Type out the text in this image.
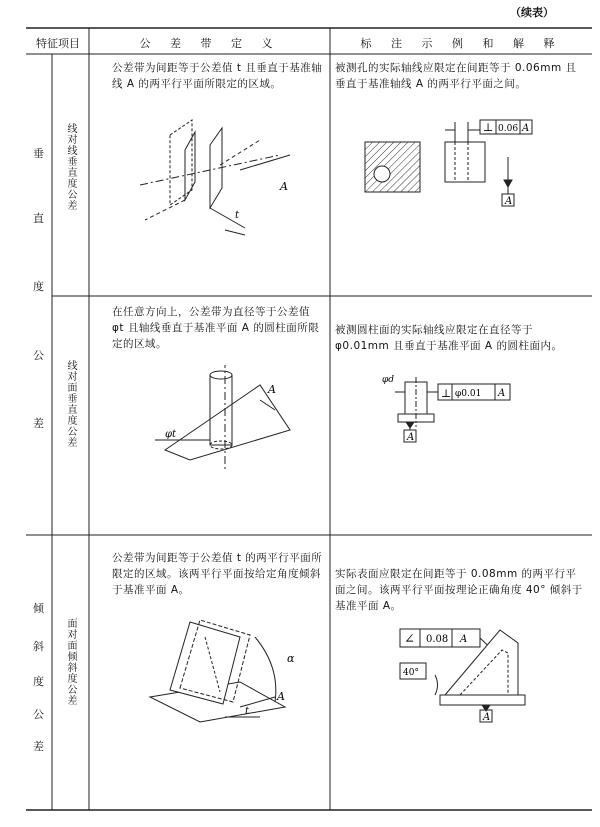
（续表）
特征项目	公 差 带 定 义	标 注 示 例 和 解 释
垂
直
度
公
差
线对线垂直度公差
线对面垂直度公差
公差带为间距等于公差值 t 且垂直于基准轴线 A 的两平行平面所限定的区域。
A
t
被测孔的实际轴线应限定在间距等于 0.06mm 且垂直于基准轴线 A 的两平行平面之间。
⊥ 0.06 A
A
在任意方向上，公差带为直径等于公差值 φt 且轴线垂直于基准平面 A 的圆柱面所限定的区域。
φt
A
被测圆柱面的实际轴线应限定在直径等于 φ0.01mm 且垂直于基准平面 A 的圆柱面内。
φd
⊥ φ0.01 A
A
倾
斜
度
公
差
面对面倾斜度公差
公差带为间距等于公差值 t 的两平行平面所限定的区域。该两平行平面按给定角度倾斜于基准平面 A。
α
A
t
实际表面应限定在间距等于 0.08mm 的两平行平面之间。该两平行平面按理论正确角度 40° 倾斜于基准平面 A。
∠ 0.08 A
40°
A
